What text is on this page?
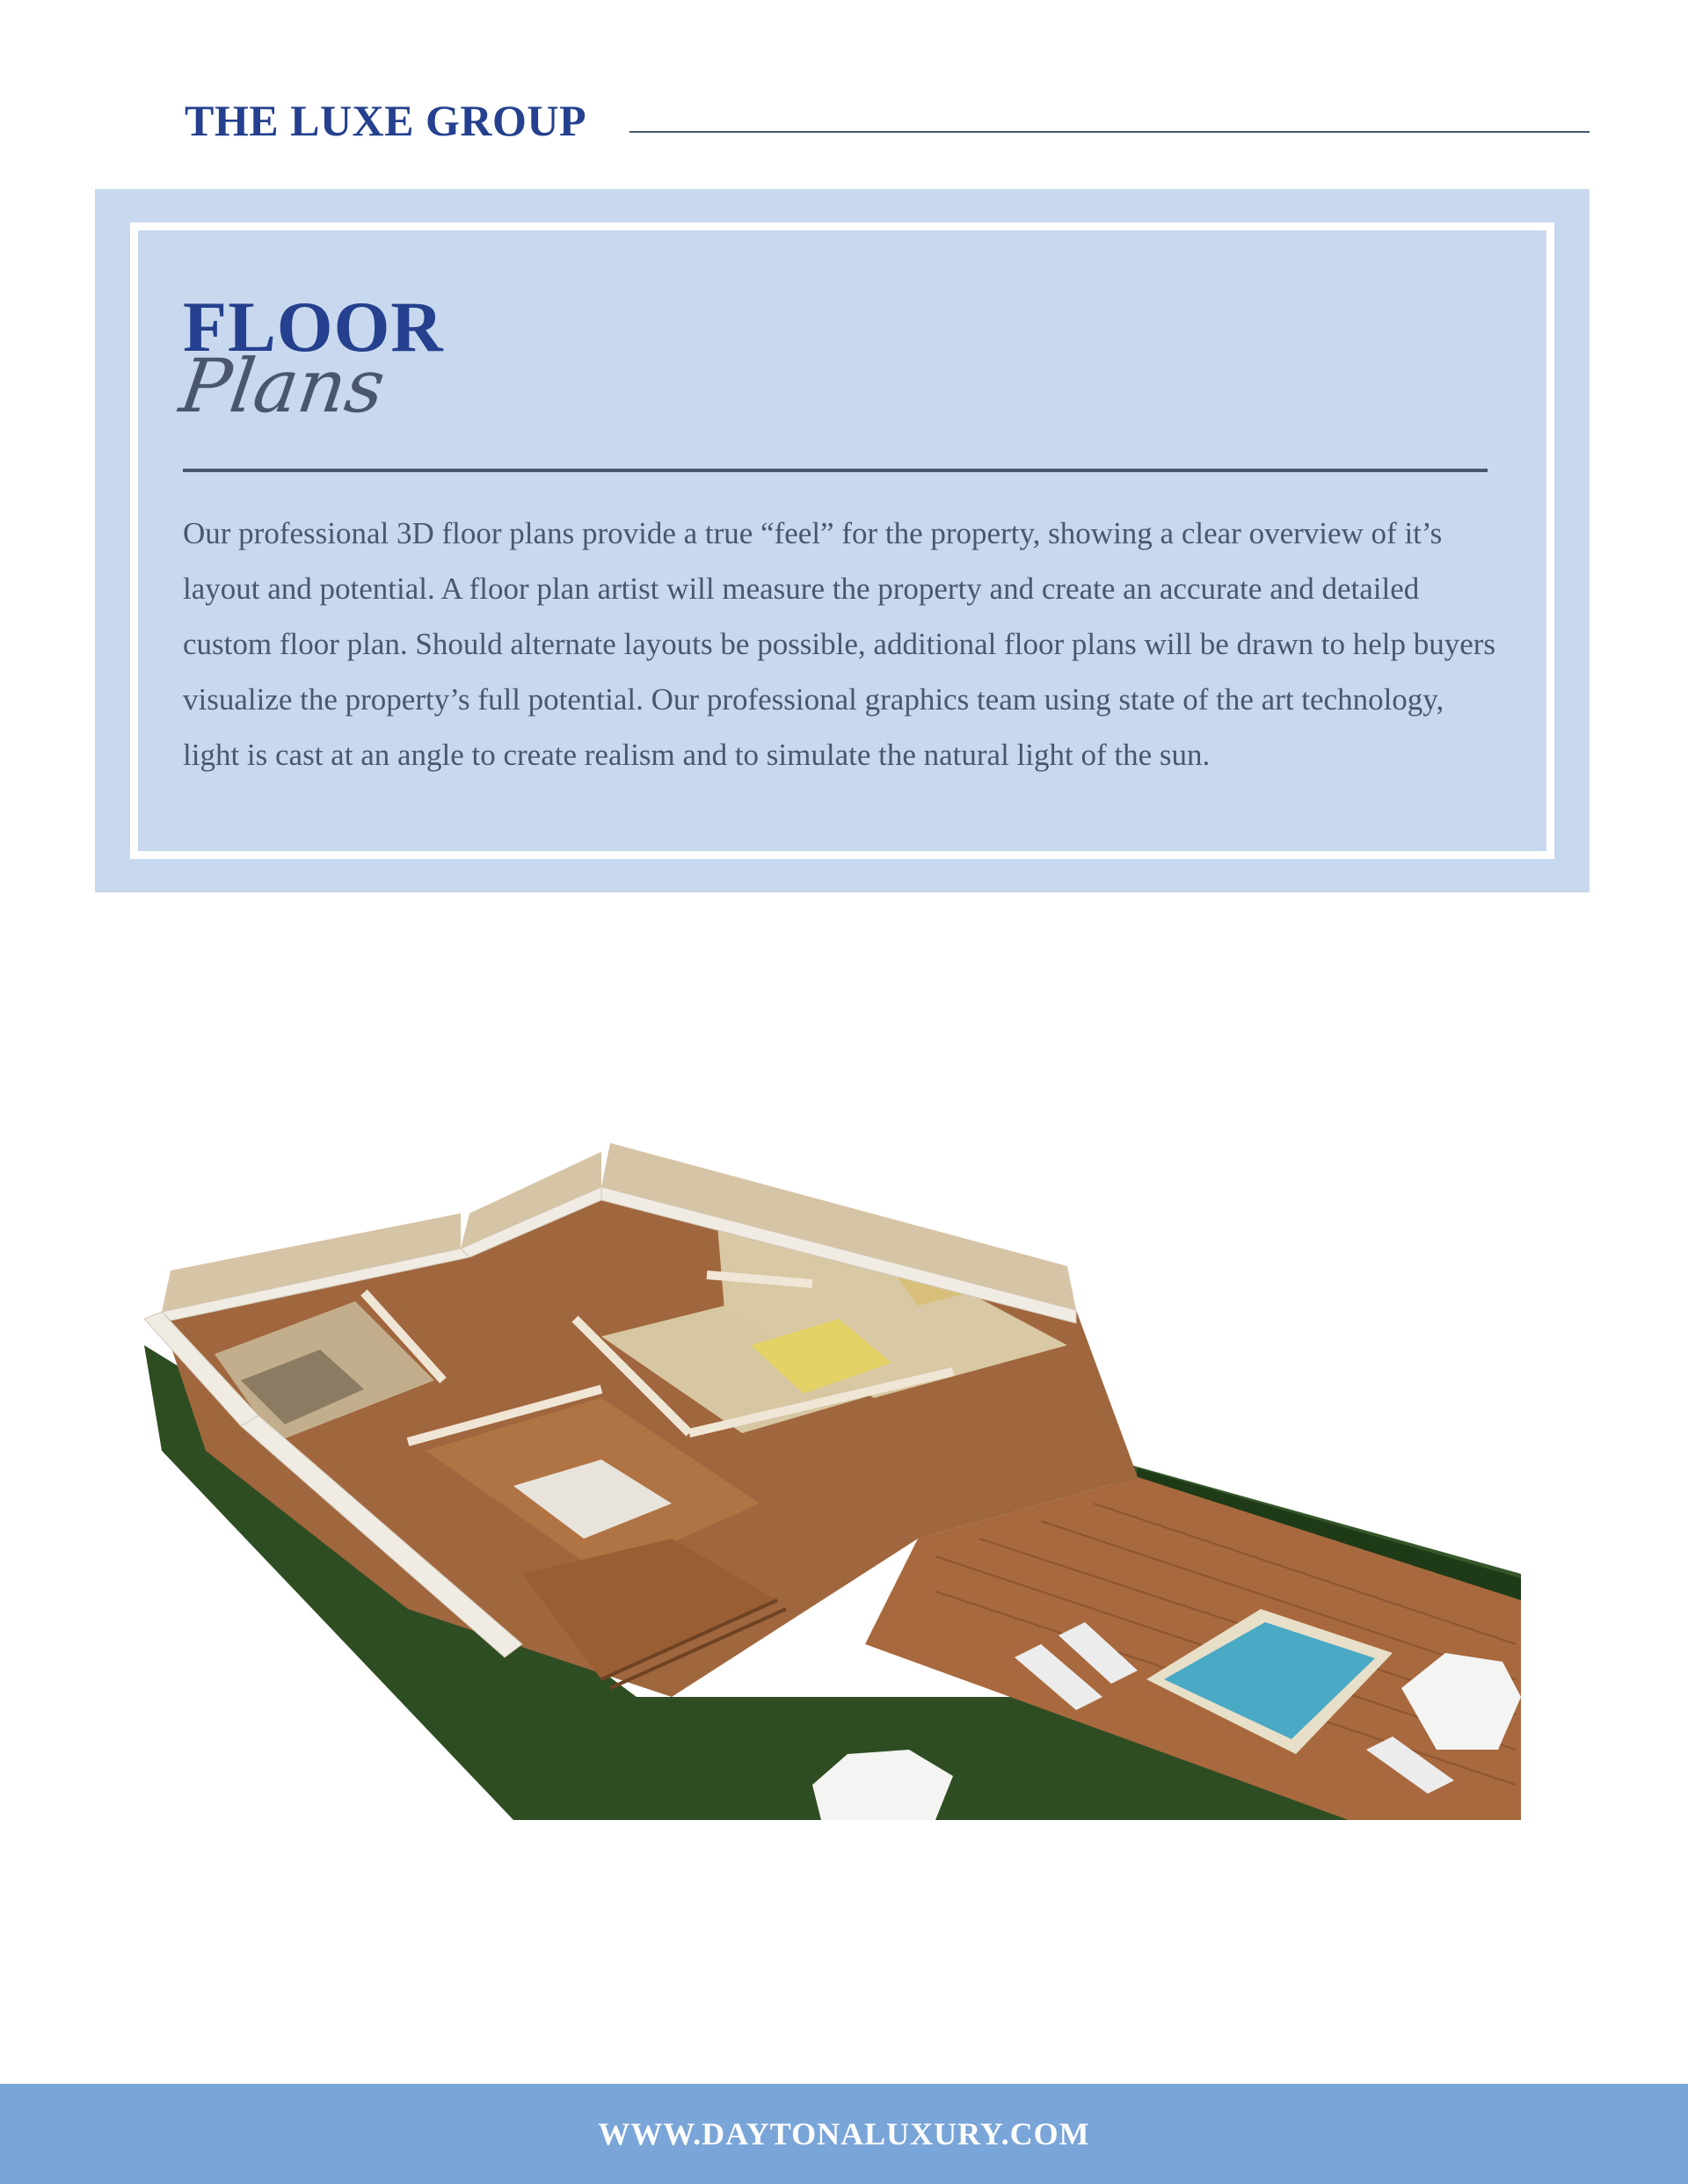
THE LUXE GROUP
FLOOR
Plans

Our professional 3D floor plans provide a true “feel” for the property, showing a clear overview of it’s layout and potential. A floor plan artist will measure the property and create an accurate and detailed custom floor plan. Should alternate layouts be possible, additional floor plans will be drawn to help buyers visualize the property’s full potential. Our professional graphics team using state of the art technology, light is cast at an angle to create realism and to simulate the natural light of the sun.

WWW.DAYTONALUXURY.COM
